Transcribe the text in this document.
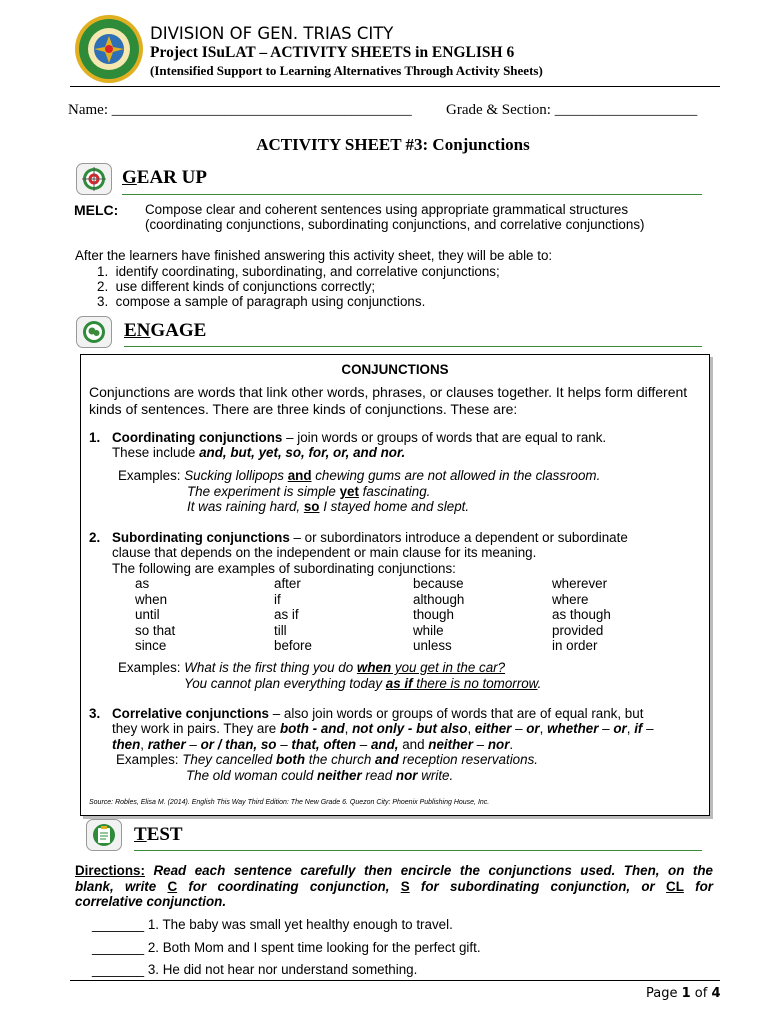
DIVISION OF GEN. TRIAS CITY
Project ISuLAT – ACTIVITY SHEETS in ENGLISH 6
(Intensified Support to Learning Alternatives Through Activity Sheets)
Name: ________________________________________ Grade & Section: ___________________
ACTIVITY SHEET #3: Conjunctions
GEAR UP
MELC: Compose clear and coherent sentences using appropriate grammatical structures
(coordinating conjunctions, subordinating conjunctions, and correlative conjunctions)
After the learners have finished answering this activity sheet, they will be able to:
1. identify coordinating, subordinating, and correlative conjunctions;
2. use different kinds of conjunctions correctly;
3. compose a sample of paragraph using conjunctions.
ENGAGE
CONJUNCTIONS
Conjunctions are words that link other words, phrases, or clauses together. It helps form different
kinds of sentences. There are three kinds of conjunctions. These are:
1. Coordinating conjunctions – join words or groups of words that are equal to rank.
These include and, but, yet, so, for, or, and nor.
Examples: Sucking lollipops and chewing gums are not allowed in the classroom.
The experiment is simple yet fascinating.
It was raining hard, so I stayed home and slept.
2. Subordinating conjunctions – or subordinators introduce a dependent or subordinate
clause that depends on the independent or main clause for its meaning.
The following are examples of subordinating conjunctions:
as	after	because	wherever
when	if	although	where
until	as if	though	as though
so that	till	while	provided
since	before	unless	in order
Examples: What is the first thing you do when you get in the car?
You cannot plan everything today as if there is no tomorrow.
3. Correlative conjunctions – also join words or groups of words that are of equal rank, but
they work in pairs. They are both - and, not only - but also, either – or, whether – or, if –
then, rather – or / than, so – that, often – and, and neither – nor.
Examples: They cancelled both the church and reception reservations.
The old woman could neither read nor write.
Source: Robles, Elisa M. (2014). English This Way Third Edition: The New Grade 6. Quezon City: Phoenix Publishing House, Inc.
TEST
Directions: Read each sentence carefully then encircle the conjunctions used. Then, on the
blank, write C for coordinating conjunction, S for subordinating conjunction, or CL for
correlative conjunction.
_______ 1. The baby was small yet healthy enough to travel.
_______ 2. Both Mom and I spent time looking for the perfect gift.
_______ 3. He did not hear nor understand something.
Page 1 of 4
